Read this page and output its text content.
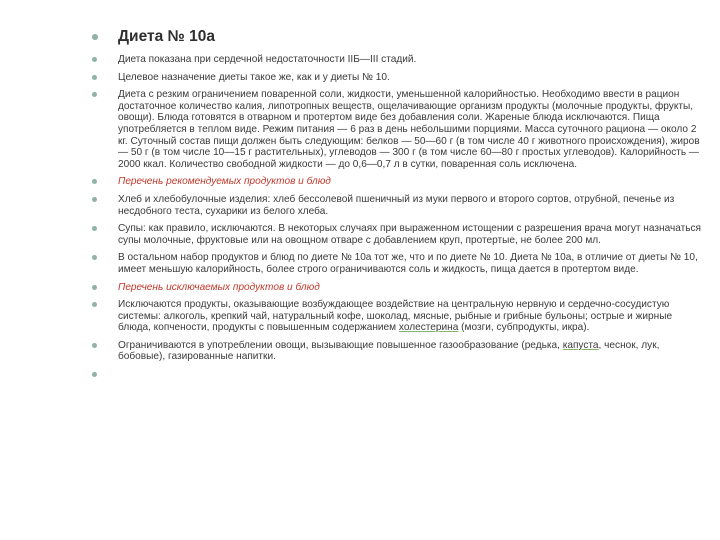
Диета № 10а
Диета показана при сердечной недостаточности IIБ—III стадий.
Целевое назначение диеты такое же, как и у диеты № 10.
Диета с резким ограничением поваренной соли, жидкости, уменьшенной калорийностью. Необходимо ввести в рацион достаточное количество калия, липотропных веществ, ощелачивающие организм продукты (молочные продукты, фрукты, овощи). Блюда готовятся в отварном и протертом виде без добавления соли. Жареные блюда исключаются. Пища употребляется в теплом виде. Режим питания — 6 раз в день небольшими порциями. Масса суточного рациона — около 2 кг. Суточный состав пищи должен быть следующим: белков — 50—60 г (в том числе 40 г животного происхождения), жиров — 50 г (в том числе 10—15 г растительных), углеводов — 300 г (в том числе 60—80 г простых углеводов). Калорийность — 2000 ккал. Количество свободной жидкости — до 0,6—0,7 л в сутки, поваренная соль исключена.
Перечень рекомендуемых продуктов и блюд
Хлеб и хлебобулочные изделия: хлеб бессолевой пшеничный из муки первого и второго сортов, отрубной, печенье из несдобного теста, сухарики из белого хлеба.
Супы: как правило, исключаются. В некоторых случаях при выраженном истощении с разрешения врача могут назначаться супы молочные, фруктовые или на овощном отваре с добавлением круп, протертые, не более 200 мл.
В остальном набор продуктов и блюд по диете № 10а тот же, что и по диете № 10. Диета № 10а, в отличие от диеты № 10, имеет меньшую калорийность, более строго ограничиваются соль и жидкость, пища дается в протертом виде.
Перечень исключаемых продуктов и блюд
Исключаются продукты, оказывающие возбуждающее воздействие на центральную нервную и сердечно-сосудистую системы: алкоголь, крепкий чай, натуральный кофе, шоколад, мясные, рыбные и грибные бульоны; острые и жирные блюда, копчености, продукты с повышенным содержанием холестерина (мозги, субпродукты, икра).
Ограничиваются в употреблении овощи, вызывающие повышенное газообразование (редька, капуста, чеснок, лук, бобовые), газированные напитки.
